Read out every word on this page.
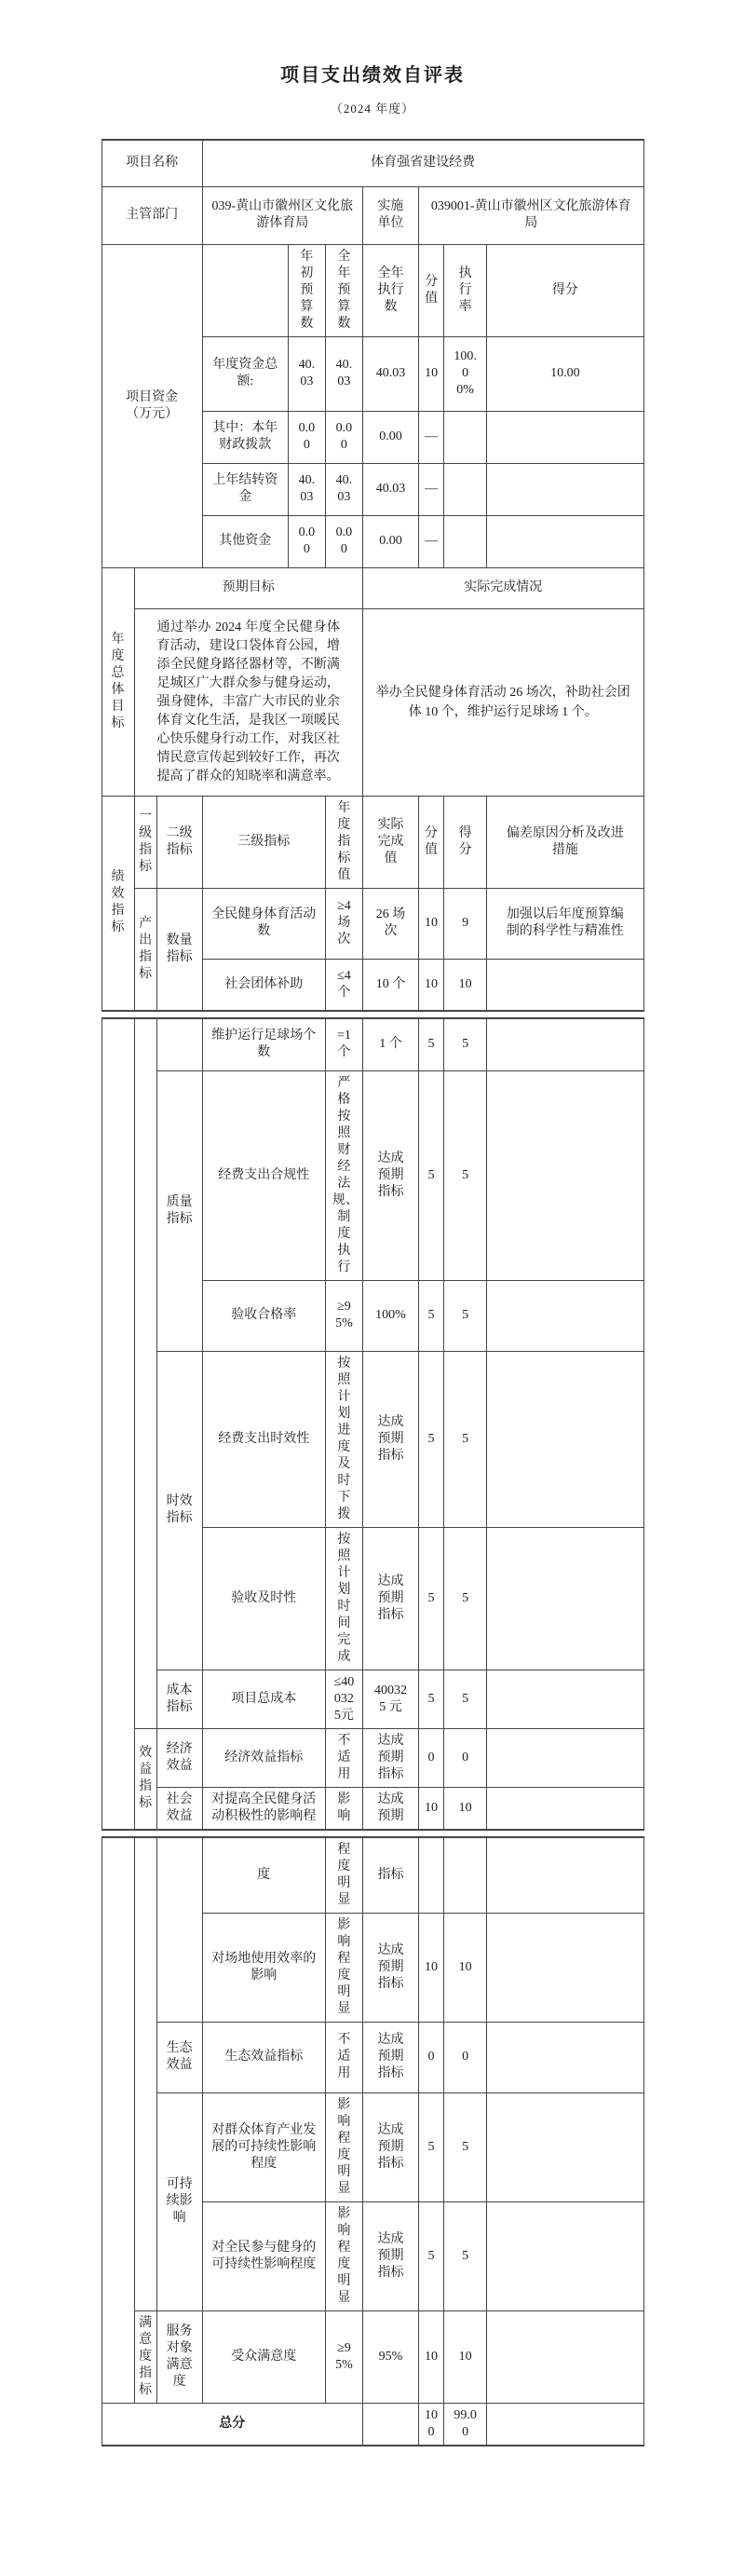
项目支出绩效自评表
（2024 年度）
项目名称	体育强省建设经费		
主管部门	039-黄山市徽州区文化旅游体育局	实施单位	039001-黄山市徽州区文化旅游体育局
项目资金（万元）		年初预算数	全年预算数	全年执行数	分值	执行率	得分
	年度资金总额:	40.03	40.03	40.03	10	100.00%	10.00
	其中：本年财政拨款	0.00	0.00	0.00	—		
	上年结转资金	40.03	40.03	40.03	—		
	其他资金	0.00	0.00	0.00	—		
年度总体目标	预期目标	实际完成情况
	通过举办 2024 年度全民健身体育活动，建设口袋体育公园，增添全民健身路径器材等，不断满足城区广大群众参与健身运动，强身健体，丰富广大市民的业余体育文化生活，是我区一项暖民心快乐健身行动工作，对我区社情民意宣传起到较好工作，再次提高了群众的知晓率和满意率。	举办全民健身体育活动 26 场次，补助社会团体 10 个，维护运行足球场 1 个。
绩效指标	一级指标	二级指标	三级指标	年度指标值	实际完成值	分值	得分	偏差原因分析及改进措施
	产出指标	数量指标	全民健身体育活动数	≥4场次	26 场次	10	9	加强以后年度预算编制的科学性与精准性
			社会团体补助	≤4个	10 个	10	10	
			维护运行足球场个数	=1个	1 个	5	5	
		质量指标	经费支出合规性	严格按照财经法规、制度执行	达成预期指标	5	5	
			验收合格率	≥95%	100%	5	5	
		时效指标	经费支出时效性	按照计划进度及时下拨	达成预期指标	5	5	
			验收及时性	按照计划时间完成	达成预期指标	5	5	
		成本指标	项目总成本	≤400325元	400325 元	5	5	
	效益指标	经济效益	经济效益指标	不适用	达成预期指标	0	0	
		社会效益	对提高全民健身活动积极性的影响程	影响	达成预期	10	10	
			度	程度明显	指标			
			对场地使用效率的影响	影响程度明显	达成预期指标	10	10	
		生态效益	生态效益指标	不适用	达成预期指标	0	0	
		可持续影响	对群众体育产业发展的可持续性影响程度	影响程度明显	达成预期指标	5	5	
			对全民参与健身的可持续性影响程度	影响程度明显	达成预期指标	5	5	
	满意度指标	服务对象满意度	受众满意度	≥95%	95%	10	10	
总分						100	99.00	
